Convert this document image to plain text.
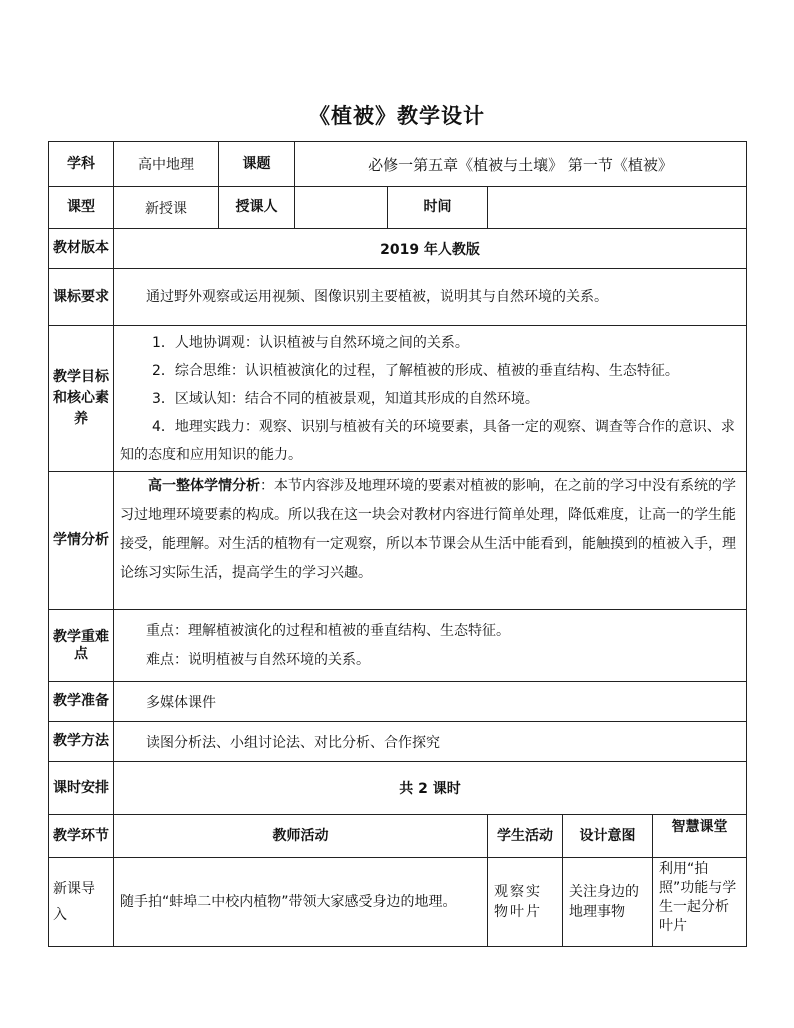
《植被》教学设计
学科	高中地理	课题	必修一第五章《植被与土壤》 第一节《植被》				
课型	新授课	授课人		时间			
教材版本	2019 年人教版						
课标要求	通过野外观察或运用视频、图像识别主要植被，说明其与自然环境的关系。						
教学目标和核心素养	1．人地协调观：认识植被与自然环境之间的关系。

2．综合思维：认识植被演化的过程，了解植被的形成、植被的垂直结构、生态特征。

3．区域认知：结合不同的植被景观，知道其形成的自然环境。

4．地理实践力：观察、识别与植被有关的环境要素，具备一定的观察、调查等合作的意识、求知的态度和应用知识的能力。						

学情分析	高一整体学情分析：本节内容涉及地理环境的要素对植被的影响，在之前的学习中没有系统的学习过地理环境要素的构成。所以我在这一块会对教材内容进行简单处理，降低难度，让高一的学生能接受，能理解。对生活的植物有一定观察，所以本节课会从生活中能看到，能触摸到的植被入手，理论练习实际生活，提高学生的学习兴趣。						

教学重难点	重点：理解植被演化的过程和植被的垂直结构、生态特征。

难点：说明植被与自然环境的关系。						

教学准备	多媒体课件						
教学方法	读图分析法、小组讨论法、对比分析、合作探究						
课时安排	共 2 课时						
教学环节	教师活动				学生活动	设计意图	智慧课堂
新课导入	随手拍“蚌埠二中校内植物”带领大家感受身边的地理。				观察实物叶片	关注身边的地理事物	利用“拍照”功能与学生一起分析叶片
